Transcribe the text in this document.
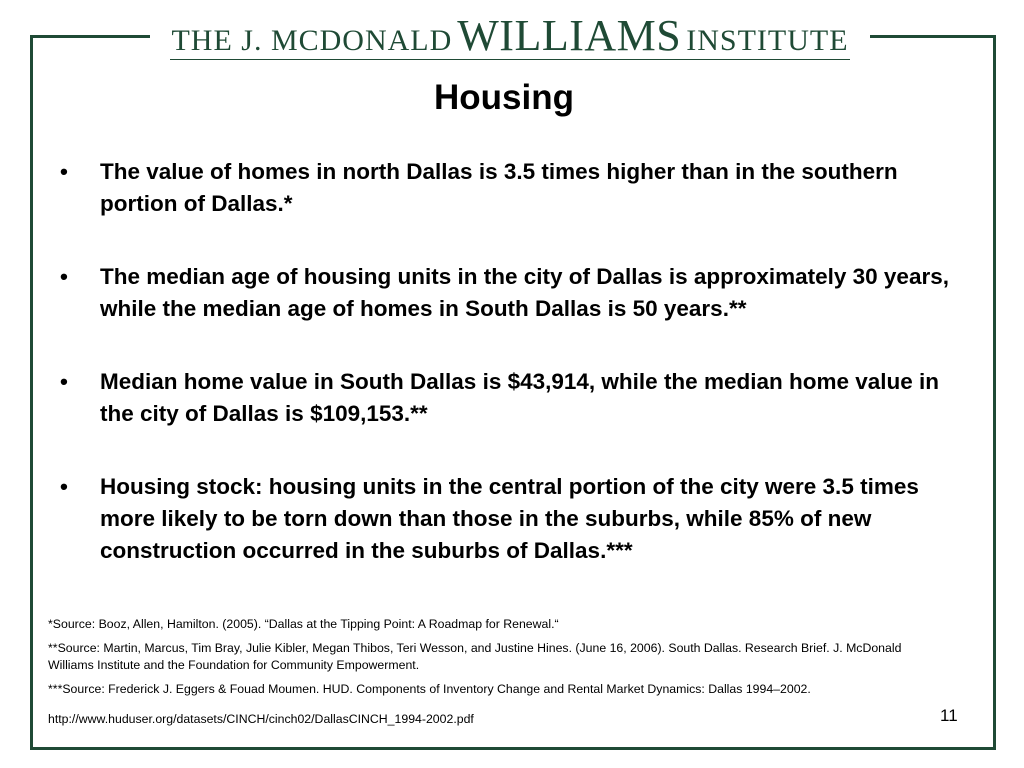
THE J. MCDONALD WILLIAMS INSTITUTE
Housing
• The value of homes in north Dallas is 3.5 times higher than in the southern portion of Dallas.*
• The median age of housing units in the city of Dallas is approximately 30 years, while the median age of homes in South Dallas is 50 years.**
• Median home value in South Dallas is $43,914, while the median home value in the city of Dallas is $109,153.**
• Housing stock: housing units in the central portion of the city were 3.5 times more likely to be torn down than those in the suburbs, while 85% of new construction occurred in the suburbs of Dallas.***

*Source: Booz, Allen, Hamilton. (2005). “Dallas at the Tipping Point: A Roadmap for Renewal.“

**Source: Martin, Marcus, Tim Bray, Julie Kibler, Megan Thibos, Teri Wesson, and Justine Hines. (June 16, 2006). South Dallas. Research Brief. J. McDonald Williams Institute and the Foundation for Community Empowerment.

***Source: Frederick J. Eggers & Fouad Moumen. HUD. Components of Inventory Change and Rental Market Dynamics: Dallas 1994–2002.

http://www.huduser.org/datasets/CINCH/cinch02/DallasCINCH_1994-2002.pdf	11
